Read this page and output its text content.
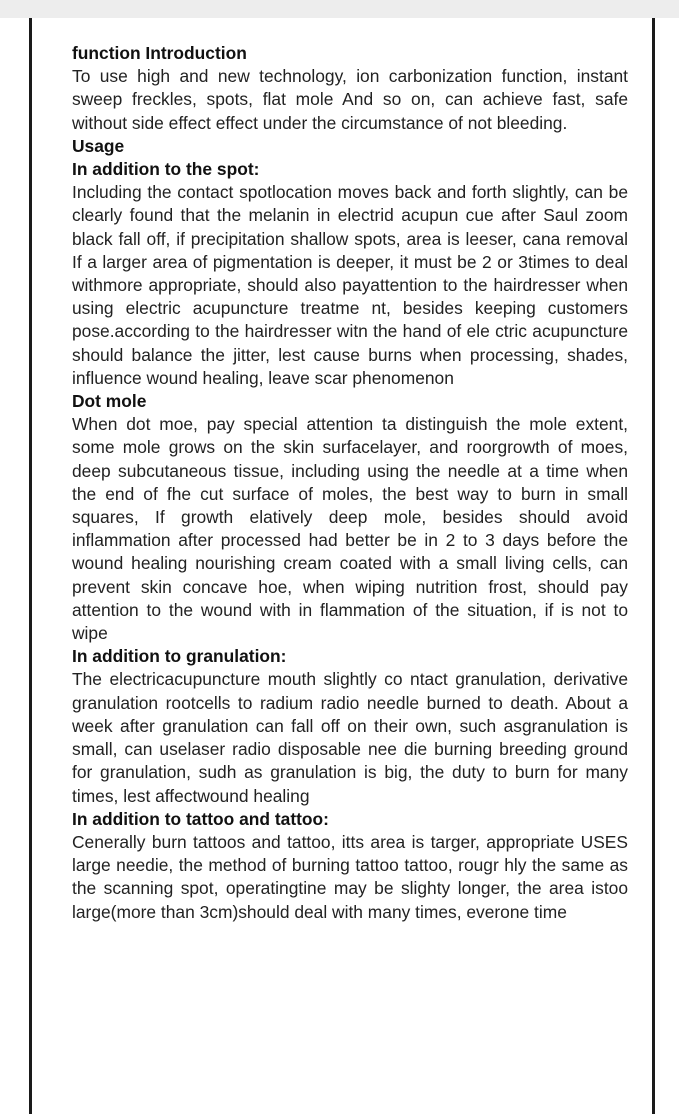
function Introduction

To use high and new technology, ion carbonization function, instant sweep freckles, spots, flat mole And so on, can achieve fast, safe without side effect effect under the circumstance of not bleeding.

Usage
In addition to the spot:

Including the contact spotlocation moves back and forth slightly, can be clearly found that the melanin in electrid acupun cue after Saul zoom black fall off, if precipitation shallow spots, area is leeser, cana removal If a larger area of pigmentation is deeper, it must be 2 or 3times to deal withmore appropriate, should also payattention to the hairdresser when using electric acupuncture treatme nt, besides keeping customers pose.according to the hairdresser witn the hand of ele ctric acupuncture should balance the jitter, lest cause burns when processing, shades, influence wound healing, leave scar phenomenon

Dot mole

When dot moe, pay special attention ta distinguish the mole extent, some mole grows on the skin surfacelayer, and roorgrowth of moes, deep subcutaneous tissue, including using the needle at a time when the end of fhe cut surface of moles, the best way to burn in small squares, If growth elatively deep mole, besides should avoid inflammation after processed had better be in 2 to 3 days before the wound healing nourishing cream coated with a small living cells, can prevent skin concave hoe, when wiping nutrition frost, should pay attention to the wound with in flammation of the situation, if is not to wipe

In addition to granulation:

The electricacupuncture mouth slightly co ntact granulation, derivative granulation rootcells to radium radio needle burned to death. About a week after granulation can fall off on their own, such asgranulation is small, can uselaser radio disposable nee die burning breeding ground for granulation, sudh as granulation is big, the duty to burn for many times, lest affectwound healing

In addition to tattoo and tattoo:

Cenerally burn tattoos and tattoo, itts area is targer, appropriate USES large needie, the method of burning tattoo tattoo, rougr hly the same as the scanning spot, operatingtine may be slighty longer, the area istoo large(more than 3cm)should deal with many times, everone time
